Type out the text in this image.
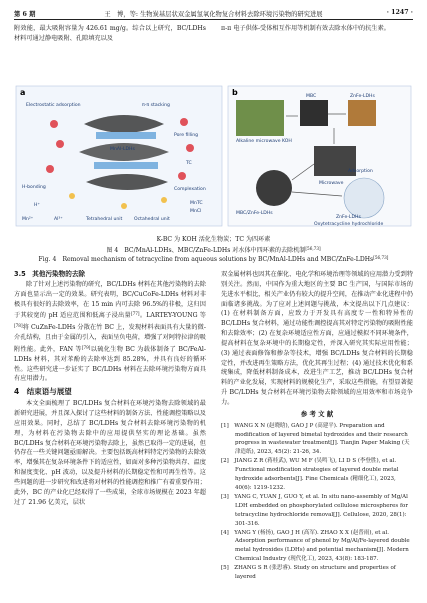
第 6 期	王　博，等: 生物炭基层状双金属氢氧化物复合材料去除环境污染物的研究进展	· 1247 ·

附效能，最大吸附容量为 426.61 mg/g。综合以上研究，BC/LDHs 材料可通过静电吸附、孔隙填充以及

π-π 电子供体-受体相互作用等机制有效去除水体中的抗生素。

a
Electrostatic adsorption	π-π stacking
Pore filling
H-bonding	Complexation
MnAl-LDHs
TC
MnTC
MnCl
H⁺
Mn²⁺	Al³⁺	Tetrahedral unit	Octahedral unit
b
Alkaline microwave KOH
ZnFe-LDHs
MBC
MBC/ZnFe-LDHs
Microwave
Adsorption
ZnFe-LDHs
Oxytetracycline hydrochloride
K-BC 为 KOH 活化生物炭；TC 为四环素
图 4　BC/MnAl-LDHs、MBC/ZnFe-LDHs 对水体中四环素的去除机制[56,73]
Fig. 4　Removal mechanism of tetracycline from aqueous solutions by BC/MnAl-LDHs and MBC/ZnFe-LDHs[56,73]

3.5　其他污染物的去除

除了针对上述污染物的研究，BC/LDHs 材料在其他污染物的去除方面也显示出一定的效果。研究表明，BC/CuCoFe-LDHs 材料对非极具有很好的去除效率，在 15 min 内可去除 96.5%的非极，这归因于其较宽的 pH 适应范围和低离子浸出量[77]。LARTEY-YOUNG 等[78]将 CuZnFe-LDHs 分散在竹 BC 上，发现材料表面具有大量的微-介孔结构，且由于金属的引入，表面呈负电荷，增强了对阿特拉津的吸附性能。此外，FAN 等[79]以硫化生物 BC 为载体制备了 BC/FeAl-LDHs 材料，其对苯酚的去除率达到 85.28%，并具有良好的循环性。这些研究进一步证实了 BC/LDHs 材料在去除环境污染物方面具有应用潜力。

4　结束语与展望

本文全面梳理了 BC/LDHs 复合材料在环境污染物去除领域的最新研究进展，并且深入探讨了这些材料的制备方法、性能调控策略以及应用效果。同时，总结了 BC/LDHs 复合材料去除环境污染物的机理，为材料在污染物去除中的应用提供坚实的理论基础。虽然 BC/LDHs 复合材料在环境污染物去除上，虽然已取得一定的进展，但仍存在一些关键问题亟需解决。主要包括既高材料特定污染物的去除效率，增强其在复杂环境条件下的适应性，如面对多种污染物共存、温度和湿度变化、pH 波动，以及提升材料的长期稳定性和可再生性等。这些问题的进一步研究和改进将对材料的性能调控和推广有着重要作用；此外，BC 的产业化已经取得了一些成果，全球市场规模在 2023 年超过了 21.96 亿美元，层状

双金属材料也因其在催化、电化学和环境治理等领域的应用潜力受到特别关注。然而，中国作为重大地区的主要 BC 生产国，与国际市场的先进水平相比，相关产业仍有较大的提升空间，在推动产业化进程中仍面临诸多挑战。为了应对上述问题与挑战，本文提出以下几点建议：(1) 在材料制备方面，应致力于开发具有高度专一性和特异性的 BC/LDHs 复合材料，通过功能性调控提高其对特定污染物的吸附性能和去除效率；(2) 在复杂环境适应性方面，应通过模拟不同环境条件，提高材料在复杂环境中的长期稳定性，并深入研究其实际应用性能；(3) 通过表面修饰和掺杂等技术，增强 BC/LDHs 复合材料的长期稳定性，并改进再生策略方法，优化其再生过程；(4) 通过技术优化和系统集成，降低材料制备成本，改进生产工艺，推动 BC/LDHs 复合材料的产业化发展，实现材料的规模化生产，采取这些措施，有望显著提升 BC/LDHs 复合材料在环境污染物去除领域的应用效率和市场竞争力。

参 考 文 献

[1]　WANG X N (赵晓晗), GAO J P (高建平). Preparation and modification of layered bimetal hydroxides and their research progress in wastewater treatment[J]. Tianjin Paper Making (天津造纸), 2023, 45(2): 21-26, 34.
[2]　JIANG Z R (蒋桂武), WU M F (吴鸣飞), LI D S (李登胜), et al. Functional modification strategies of layered double metal hydroxide adsorbents[J]. Fine Chemicals (精细化工), 2023, 40(6): 1219-1232.
[3]　YANG C, YUAN J, GUO Y, et al. In situ nano-assembly of Mg/Al LDH embedded on phosphorylated cellulose microspheres for tetracycline hydrochloride removal[J]. Cellulose, 2020, 28(1): 301-316.
[4]　YANG Y (杨扬), GAO J H (高军). ZHAO X X (赵普雨), et al. Adsorption performance of phenol by Mg/Al/Fe-layered double metal hydroxides (LDHs) and potential mechanism[J]. Modern Chemical Industry (现代化工), 2023, 43(8): 183-187.
[5]　ZHANG S R (张思睿). Study on structure and properties of layered
